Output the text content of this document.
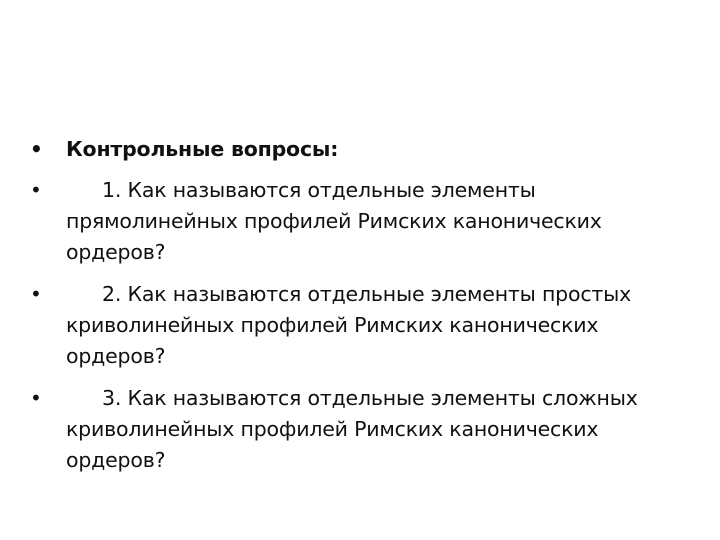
•	Контрольные вопросы:
•	1. Как называются отдельные элементы прямолинейных профилей Римских канонических ордеров?
•	2. Как называются отдельные элементы простых криволинейных профилей Римских канонических ордеров?
•	3. Как называются отдельные элементы сложных криволинейных профилей Римских канонических ордеров?
